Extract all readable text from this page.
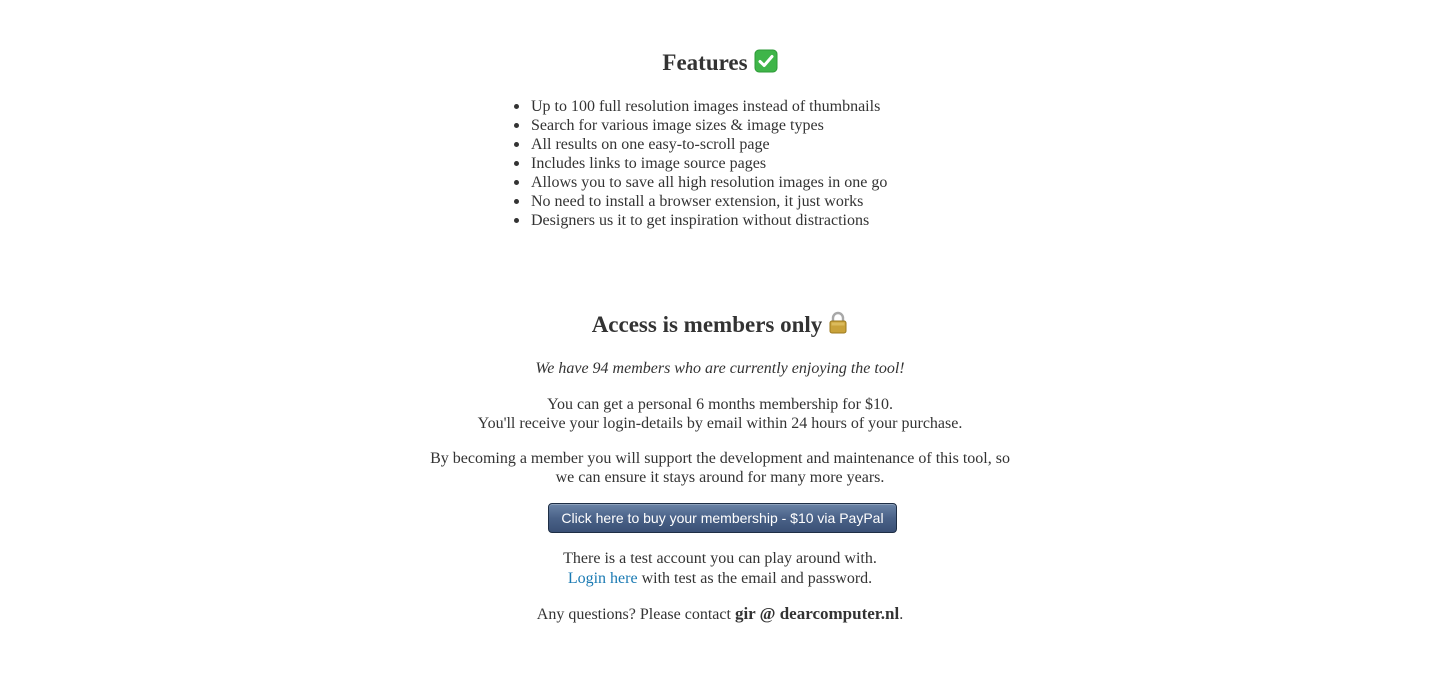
Features
Up to 100 full resolution images instead of thumbnails
Search for various image sizes & image types
All results on one easy-to-scroll page
Includes links to image source pages
Allows you to save all high resolution images in one go
No need to install a browser extension, it just works
Designers us it to get inspiration without distractions
Access is members only

We have 94 members who are currently enjoying the tool!

You can get a personal 6 months membership for $10.
You'll receive your login-details by email within 24 hours of your purchase.
By becoming a member you will support the development and maintenance of this tool, so
we can ensure it stays around for many more years.
Click here to buy your membership - $10 via PayPal
There is a test account you can play around with.
Login here with test as the email and password.
Any questions? Please contact gir @ dearcomputer.nl.
